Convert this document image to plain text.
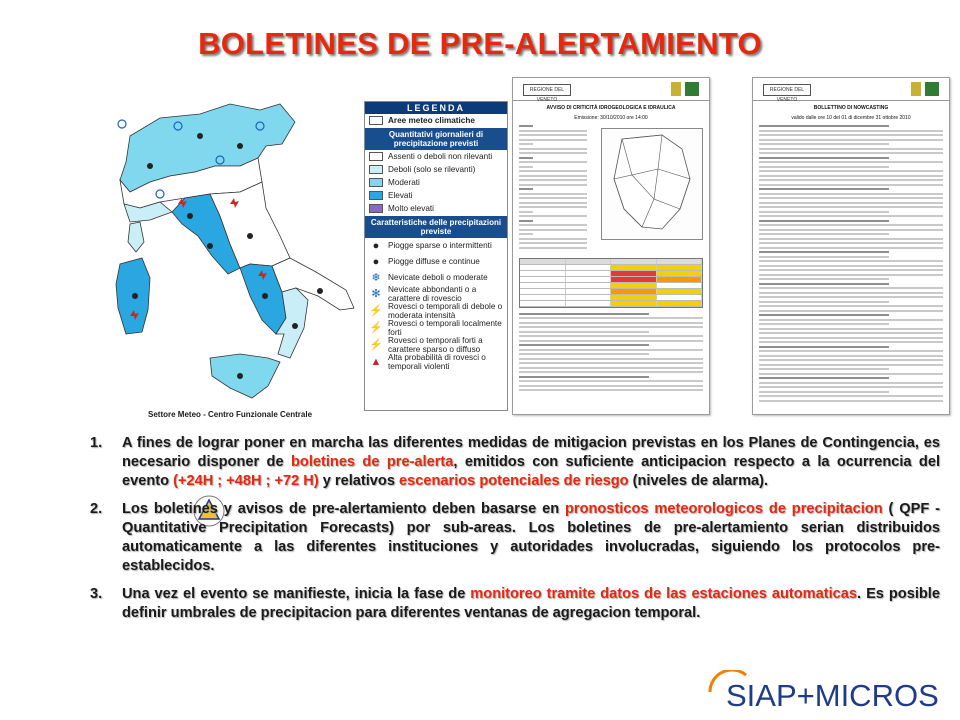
BOLETINES DE PRE-ALERTAMIENTO
Settore Meteo - Centro Funzionale Centrale
LEGENDA
Aree meteo climatiche
Quantitativi giornalieri di precipitazione previsti
Assenti o deboli non rilevanti
Deboli (solo se rilevanti)
Moderati
Elevati
Molto elevati
Caratteristiche delle precipitazioni previste
●	Piogge sparse o intermittenti
●	Piogge diffuse e continue
❄ Nevicate deboli o moderate
✻ Nevicate abbondanti o a carattere di rovescio
⚡ Rovesci o temporali di debole o moderata intensità
⚡ Rovesci o temporali localmente forti
⚡ Rovesci o temporali forti a carattere sparso o diffuso
▲ Alta probabilità di rovesci o temporali violenti
REGIONE DEL VENETO
AVVISO DI CRITICITÀ IDROGEOLOGICA E IDRAULICA
Emissione: 30/10/2010 ore 14:00
REGIONE DEL VENETO
BOLLETTINO DI NOWCASTING
valido dalle ore 10 del 01 di dicembre 31 ottobre 2010
1. A fines de lograr poner en marcha las diferentes medidas de mitigacion previstas en los Planes de Contingencia, es necesario disponer de boletines de pre-alerta, emitidos con suficiente anticipacion respecto a la ocurrencia del evento (+24H ; +48H ; +72 H) y relativos escenarios potenciales de riesgo (niveles de alarma).
2. Los boletines y avisos de pre-alertamiento deben basarse en pronosticos meteorologicos de precipitacion ( QPF - Quantitative Precipitation Forecasts) por sub-areas. Los boletines de pre-alertamiento serian distribuidos automaticamente a las diferentes instituciones y autoridades involucradas, siguiendo los protocolos pre-establecidos.
3. Una vez el evento se manifieste, inicia la fase de monitoreo tramite datos de las estaciones automaticas. Es posible definir umbrales de precipitacion para diferentes ventanas de agregacion temporal.
SIAP+MICROS
